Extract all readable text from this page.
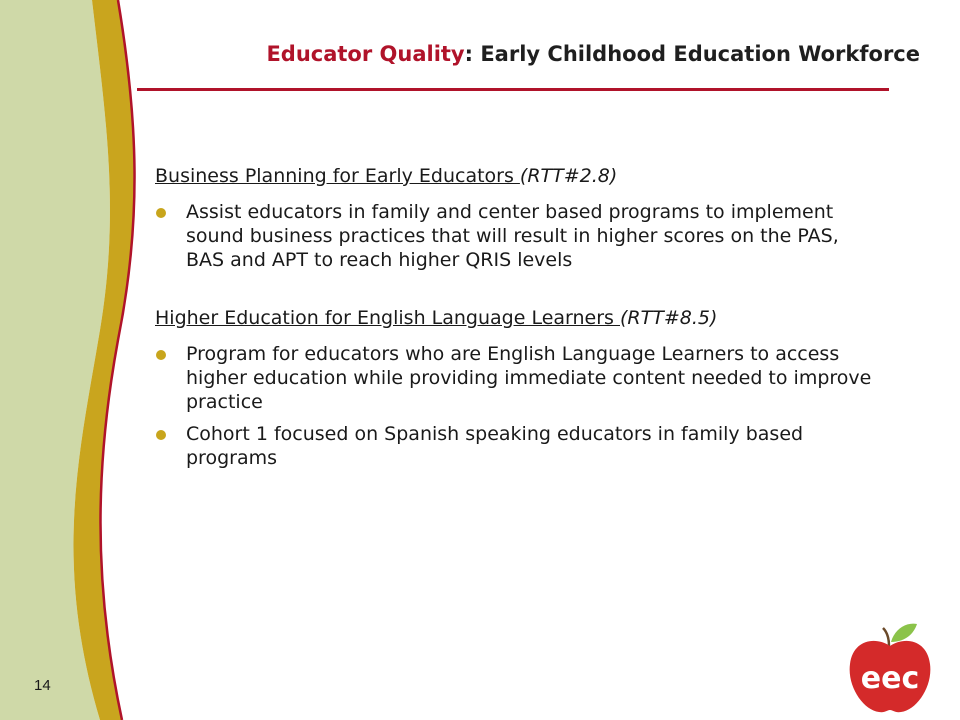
Educator Quality: Early Childhood Education Workforce
Business Planning for Early Educators (RTT#2.8)
Assist educators in family and center based programs to implement sound business practices that will result in higher scores on the PAS, BAS and APT to reach higher QRIS levels
Higher Education for English Language Learners (RTT#8.5)
Program for educators who are English Language Learners to access higher education while providing immediate content needed to improve practice
Cohort 1 focused on Spanish speaking educators in family based programs
14	eec
